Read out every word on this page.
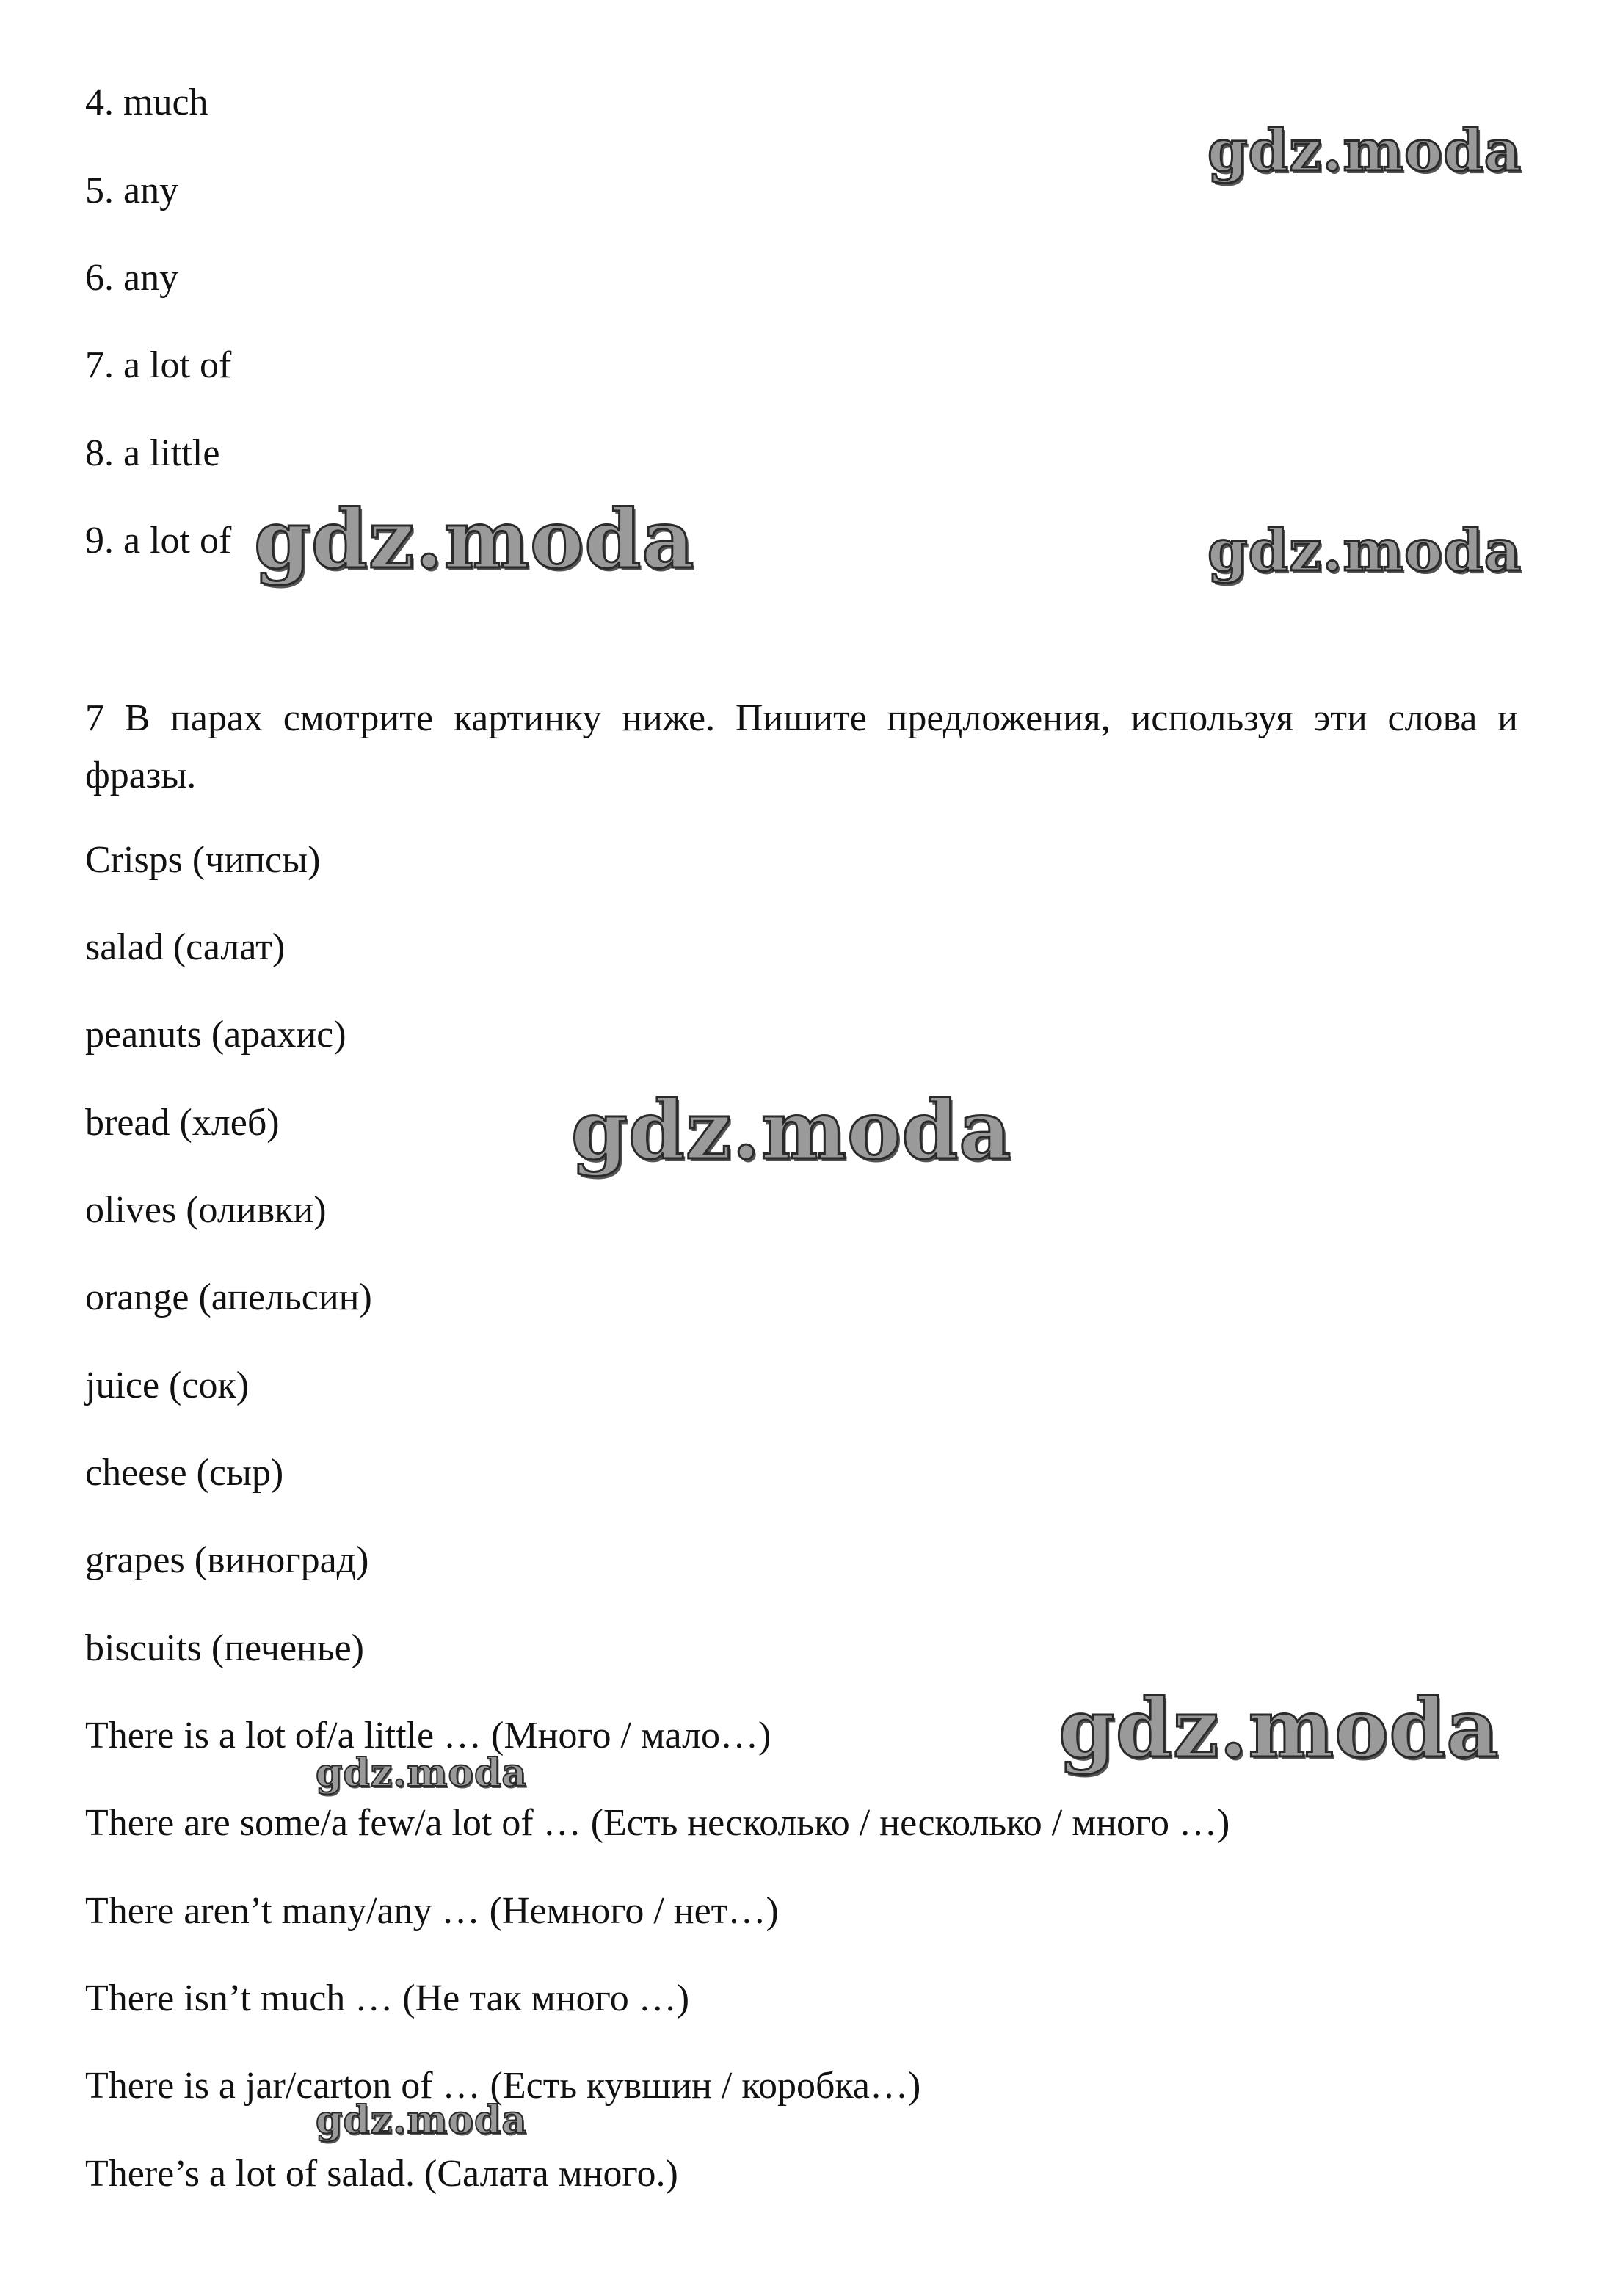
4. much
5. any
6. any
7. a lot of
8. a little
9. a lot of
7 В парах смотрите картинку ниже. Пишите предложения, используя эти слова и фразы.
Crisps (чипсы)
salad (салат)
peanuts (арахис)
bread (хлеб)
olives (оливки)
orange (апельсин)
juice (сок)
cheese (сыр)
grapes (виноград)
biscuits (печенье)
There is a lot of/a little … (Много / мало…)
There are some/a few/a lot of … (Есть несколько / несколько / много …)
There aren’t many/any … (Немного / нет…)
There isn’t much … (Не так много …)
There is a jar/carton of … (Есть кувшин / коробка…)
There’s a lot of salad. (Салата много.)
gdz.moda
gdz.moda	gdz.moda
gdz.moda
gdz.moda
gdz.moda
gdz.moda
